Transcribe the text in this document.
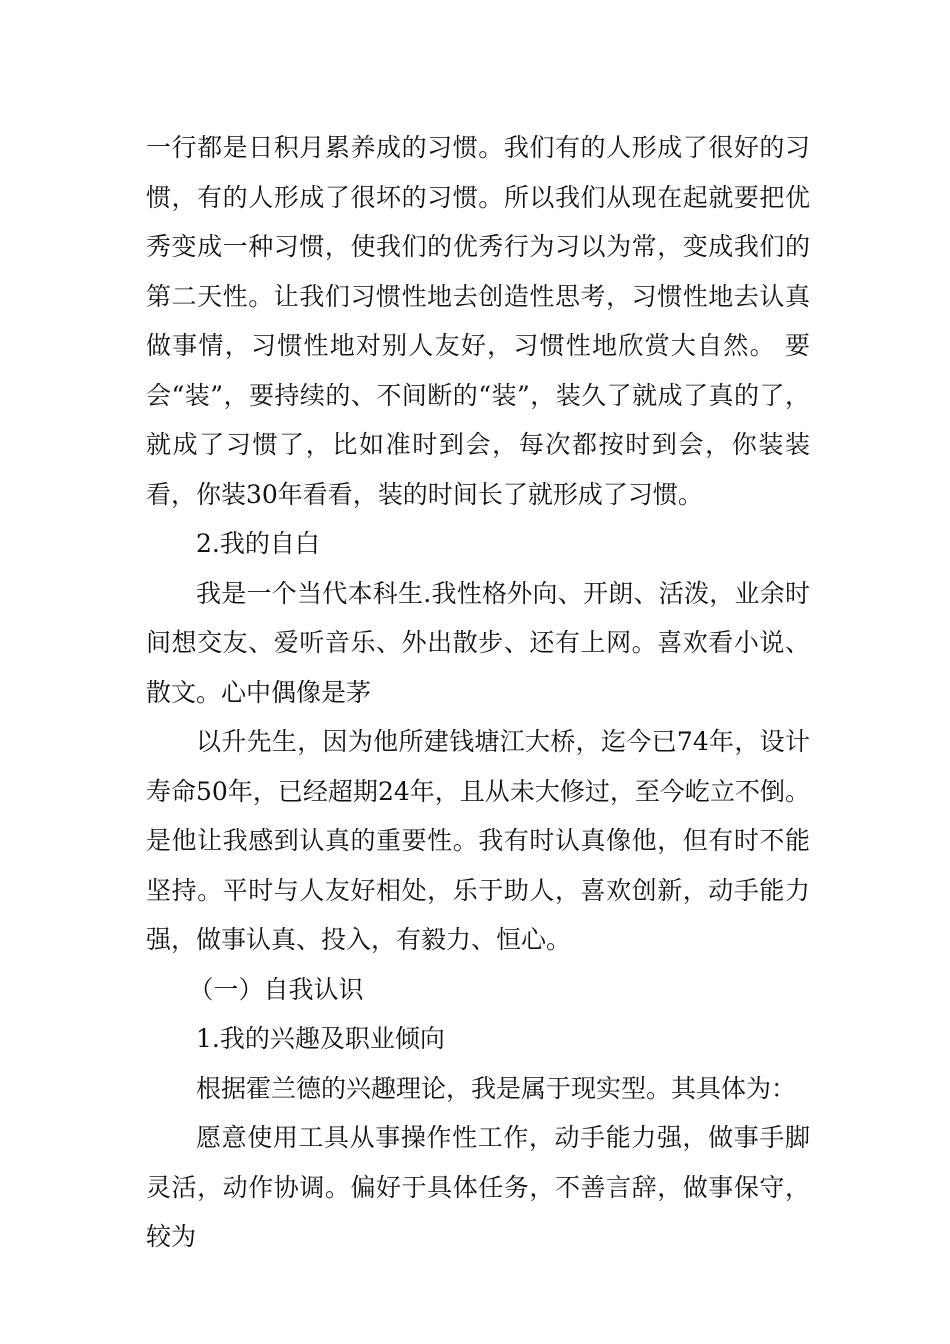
一行都是日积月累养成的习惯。我们有的人形成了很好的习惯，有的人形成了很坏的习惯。所以我们从现在起就要把优秀变成一种习惯，使我们的优秀行为习以为常，变成我们的第二天性。让我们习惯性地去创造性思考，习惯性地去认真做事情，习惯性地对别人友好，习惯性地欣赏大自然。 要会“装”，要持续的、不间断的“装”，装久了就成了真的了，就成了习惯了，比如准时到会，每次都按时到会，你装装看，你装30年看看，装的时间长了就形成了习惯。

2.我的自白

我是一个当代本科生.我性格外向、开朗、活泼，业余时间想交友、爱听音乐、外出散步、还有上网。喜欢看小说、散文。心中偶像是茅

以升先生，因为他所建钱塘江大桥，迄今已74年，设计寿命50年，已经超期24年，且从未大修过，至今屹立不倒。是他让我感到认真的重要性。我有时认真像他，但有时不能坚持。平时与人友好相处，乐于助人，喜欢创新，动手能力强，做事认真、投入，有毅力、恒心。

（一）自我认识

1.我的兴趣及职业倾向

根据霍兰德的兴趣理论，我是属于现实型。其具体为：

愿意使用工具从事操作性工作，动手能力强，做事手脚灵活，动作协调。偏好于具体任务，不善言辞，做事保守，较为
